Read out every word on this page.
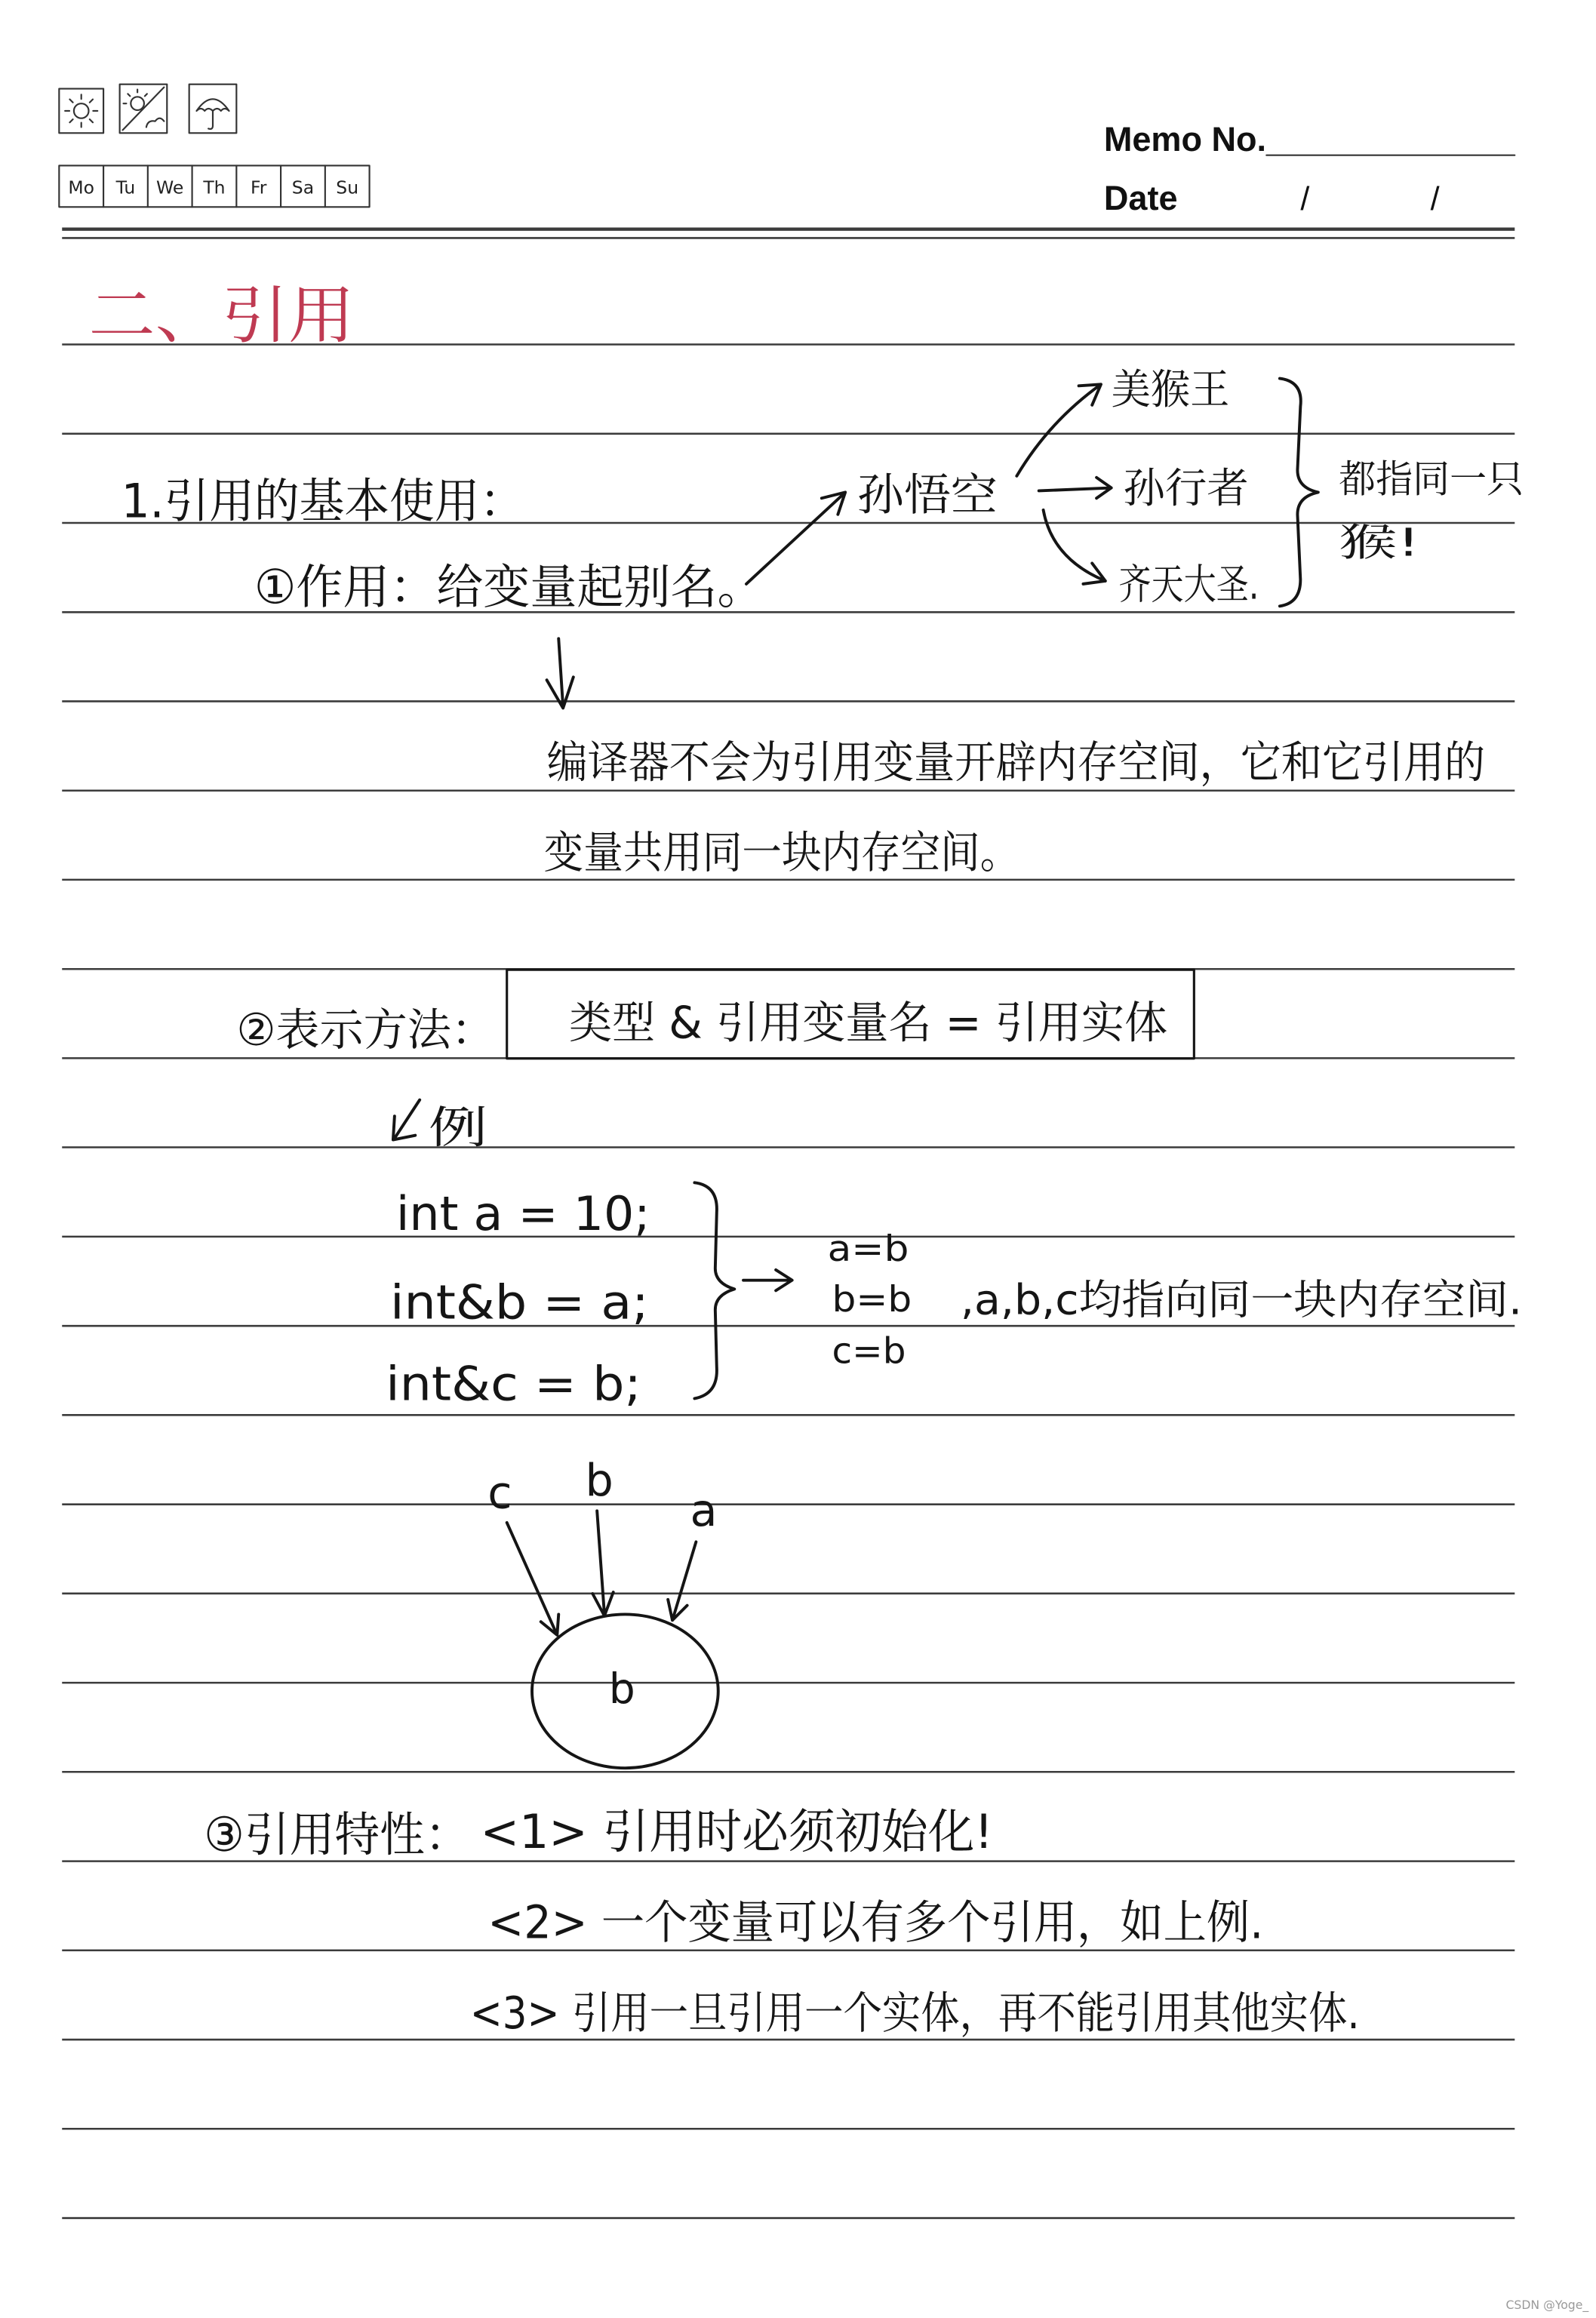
Mo Tu We Th	Fr	Sa Su
Memo No.
Date	/	/
二、引用
1.引用的基本使用：
①作用：给变量起别名。
孙悟空
美猴王
孙行者
齐天大圣.
都指同一只
猴!
编译器不会为引用变量开辟内存空间，它和它引用的
变量共用同一块内存空间。
②表示方法：	类型 & 引用变量名 = 引用实体
例
int a = 10;
int&b = a;
int&c = b;
a=b
b=b
c=b
,a,b,c均指向同一块内存空间.
c	b
a
b
③引用特性： <1> 引用时必须初始化!
<2> 一个变量可以有多个引用，如上例.
<3> 引用一旦引用一个实体，再不能引用其他实体.
CSDN @Yoge_
